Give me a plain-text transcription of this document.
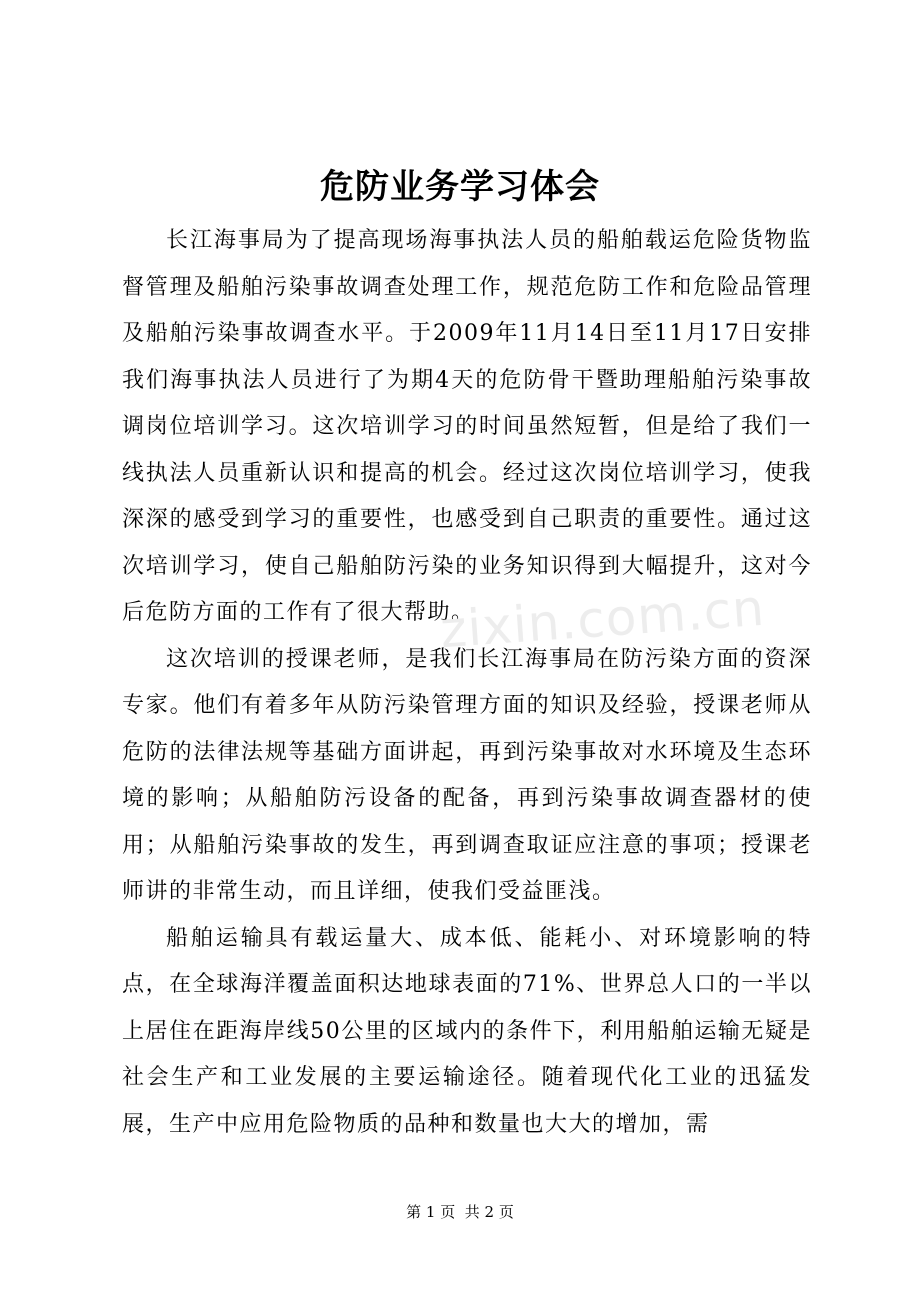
危防业务学习体会

长江海事局为了提高现场海事执法人员的船舶载运危险货物监督管理及船舶污染事故调查处理工作，规范危防工作和危险品管理及船舶污染事故调查水平。于2009年11月14日至11月17日安排我们海事执法人员进行了为期4天的危防骨干暨助理船舶污染事故调岗位培训学习。这次培训学习的时间虽然短暂，但是给了我们一线执法人员重新认识和提高的机会。经过这次岗位培训学习，使我深深的感受到学习的重要性，也感受到自己职责的重要性。通过这次培训学习，使自己船舶防污染的业务知识得到大幅提升，这对今后危防方面的工作有了很大帮助。

这次培训的授课老师，是我们长江海事局在防污染方面的资深专家。他们有着多年从防污染管理方面的知识及经验，授课老师从危防的法律法规等基础方面讲起，再到污染事故对水环境及生态环境的影响；从船舶防污设备的配备，再到污染事故调查器材的使用；从船舶污染事故的发生，再到调查取证应注意的事项；授课老师讲的非常生动，而且详细，使我们受益匪浅。

船舶运输具有载运量大、成本低、能耗小、对环境影响的特点，在全球海洋覆盖面积达地球表面的71%、世界总人口的一半以上居住在距海岸线50公里的区域内的条件下，利用船舶运输无疑是社会生产和工业发展的主要运输途径。随着现代化工业的迅猛发展，生产中应用危险物质的品种和数量也大大的增加，需

zixin.com.cn
第 1 页  共 2 页
